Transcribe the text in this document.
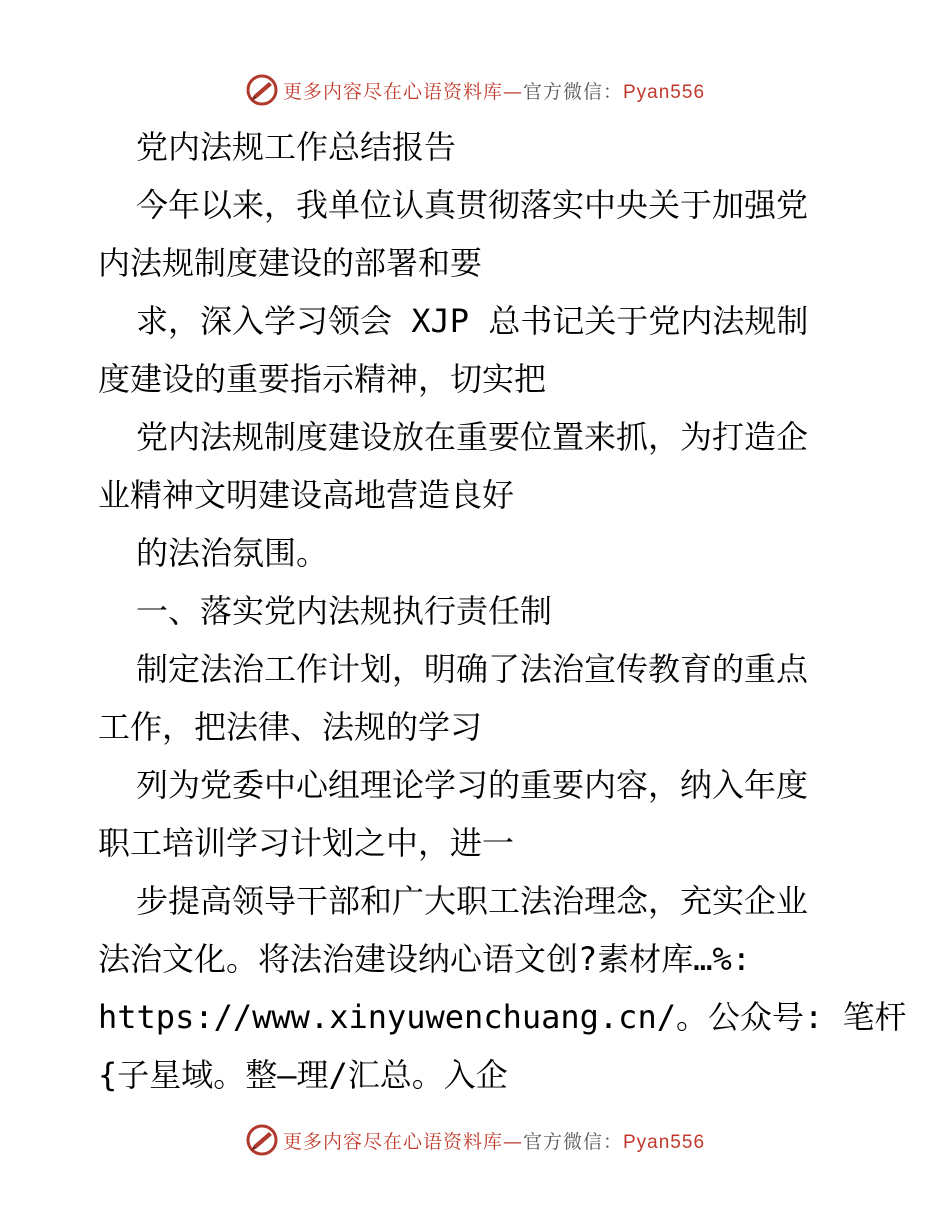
更多内容尽在心语资料库—官方微信：Pyan556
党内法规工作总结报告
今年以来，我单位认真贯彻落实中央关于加强党
内法规制度建设的部署和要
求，深入学习领会 XJP 总书记关于党内法规制
度建设的重要指示精神，切实把
党内法规制度建设放在重要位置来抓，为打造企
业精神文明建设高地营造良好
的法治氛围。
一、落实党内法规执行责任制
制定法治工作计划，明确了法治宣传教育的重点
工作，把法律、法规的学习
列为党委中心组理论学习的重要内容，纳入年度
职工培训学习计划之中，进一
步提高领导干部和广大职工法治理念，充实企业
法治文化。将法治建设纳心语文创?素材库…%:
https://www.xinyuwenchuang.cn/。公众号: 笔杆
{子星域。整—理/汇总。入企
更多内容尽在心语资料库—官方微信：Pyan556
